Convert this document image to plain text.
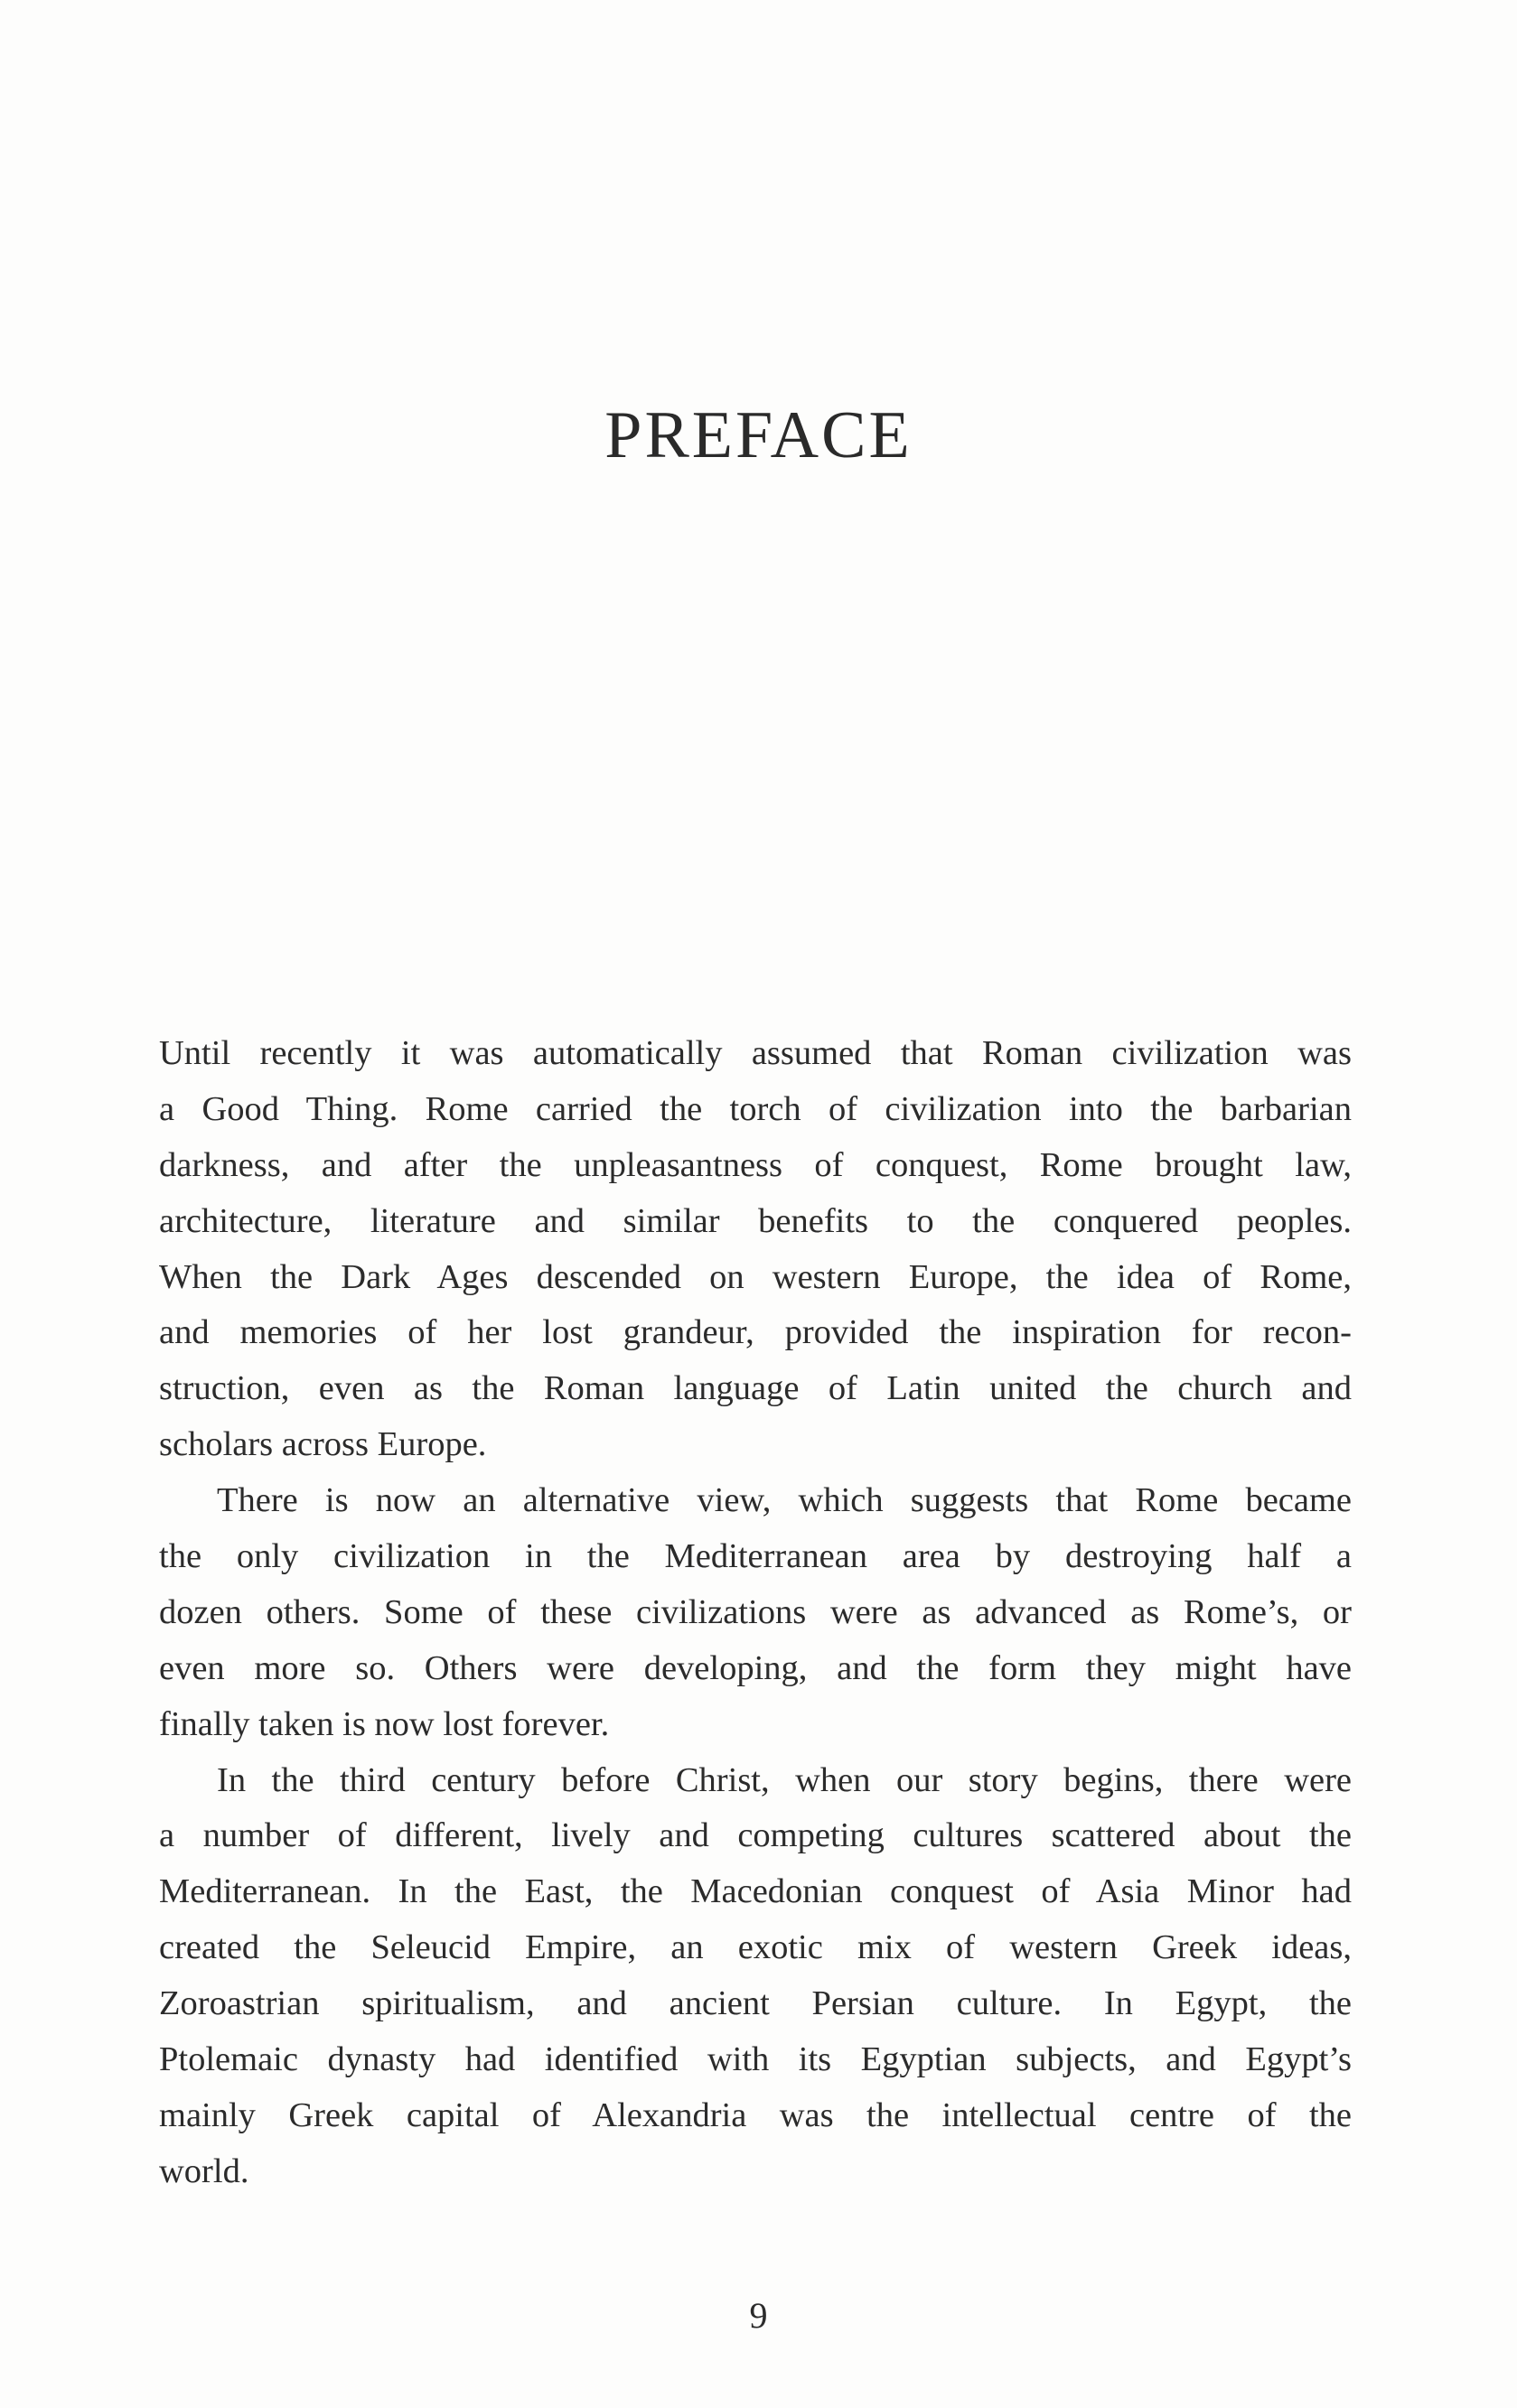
PREFACE

Until recently it was automatically assumed that Roman civilization was
a Good Thing. Rome carried the torch of civilization into the barbarian
darkness, and after the unpleasantness of conquest, Rome brought law,
architecture, literature and similar benefits to the conquered peoples.
When the Dark Ages descended on western Europe, the idea of Rome,
and memories of her lost grandeur, provided the inspiration for recon-
struction, even as the Roman language of Latin united the church and
scholars across Europe.

There is now an alternative view, which suggests that Rome became
the only civilization in the Mediterranean area by destroying half a
dozen others. Some of these civilizations were as advanced as Rome’s, or
even more so. Others were developing, and the form they might have
finally taken is now lost forever.

In the third century before Christ, when our story begins, there were
a number of different, lively and competing cultures scattered about the
Mediterranean. In the East, the Macedonian conquest of Asia Minor had
created the Seleucid Empire, an exotic mix of western Greek ideas,
Zoroastrian spiritualism, and ancient Persian culture. In Egypt, the
Ptolemaic dynasty had identified with its Egyptian subjects, and Egypt’s
mainly Greek capital of Alexandria was the intellectual centre of the
world.

9
